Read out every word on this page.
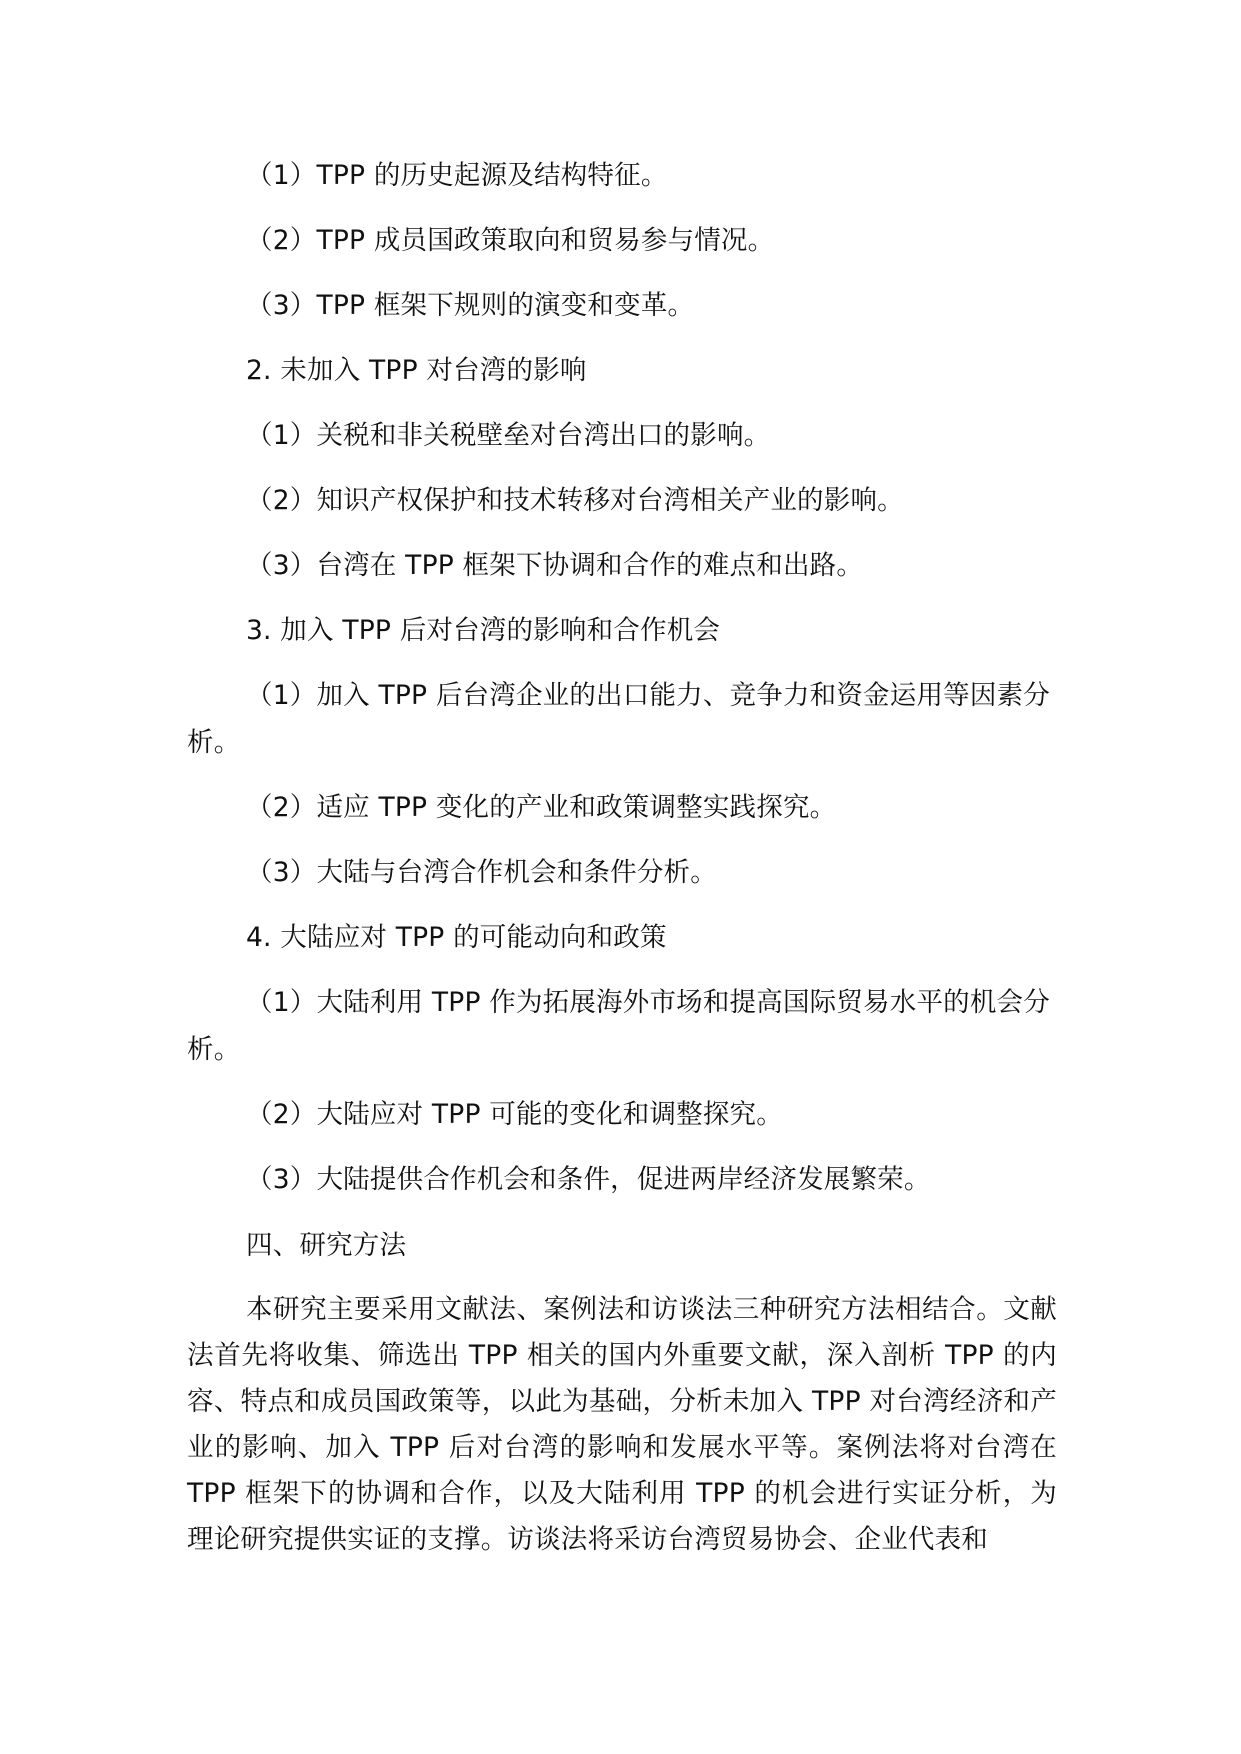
（1）TPP 的历史起源及结构特征。

（2）TPP 成员国政策取向和贸易参与情况。

（3）TPP 框架下规则的演变和变革。

2. 未加入 TPP 对台湾的影响

（1）关税和非关税壁垒对台湾出口的影响。

（2）知识产权保护和技术转移对台湾相关产业的影响。

（3）台湾在 TPP 框架下协调和合作的难点和出路。

3. 加入 TPP 后对台湾的影响和合作机会

（1）加入 TPP 后台湾企业的出口能力、竞争力和资金运用等因素分析。

（2）适应 TPP 变化的产业和政策调整实践探究。

（3）大陆与台湾合作机会和条件分析。

4. 大陆应对 TPP 的可能动向和政策

（1）大陆利用 TPP 作为拓展海外市场和提高国际贸易水平的机会分析。

（2）大陆应对 TPP 可能的变化和调整探究。

（3）大陆提供合作机会和条件，促进两岸经济发展繁荣。

四、研究方法

本研究主要采用文献法、案例法和访谈法三种研究方法相结合。文献法首先将收集、筛选出 TPP 相关的国内外重要文献，深入剖析 TPP 的内容、特点和成员国政策等，以此为基础，分析未加入 TPP 对台湾经济和产业的影响、加入 TPP 后对台湾的影响和发展水平等。案例法将对台湾在 TPP 框架下的协调和合作，以及大陆利用 TPP 的机会进行实证分析，为理论研究提供实证的支撑。访谈法将采访台湾贸易协会、企业代表和
